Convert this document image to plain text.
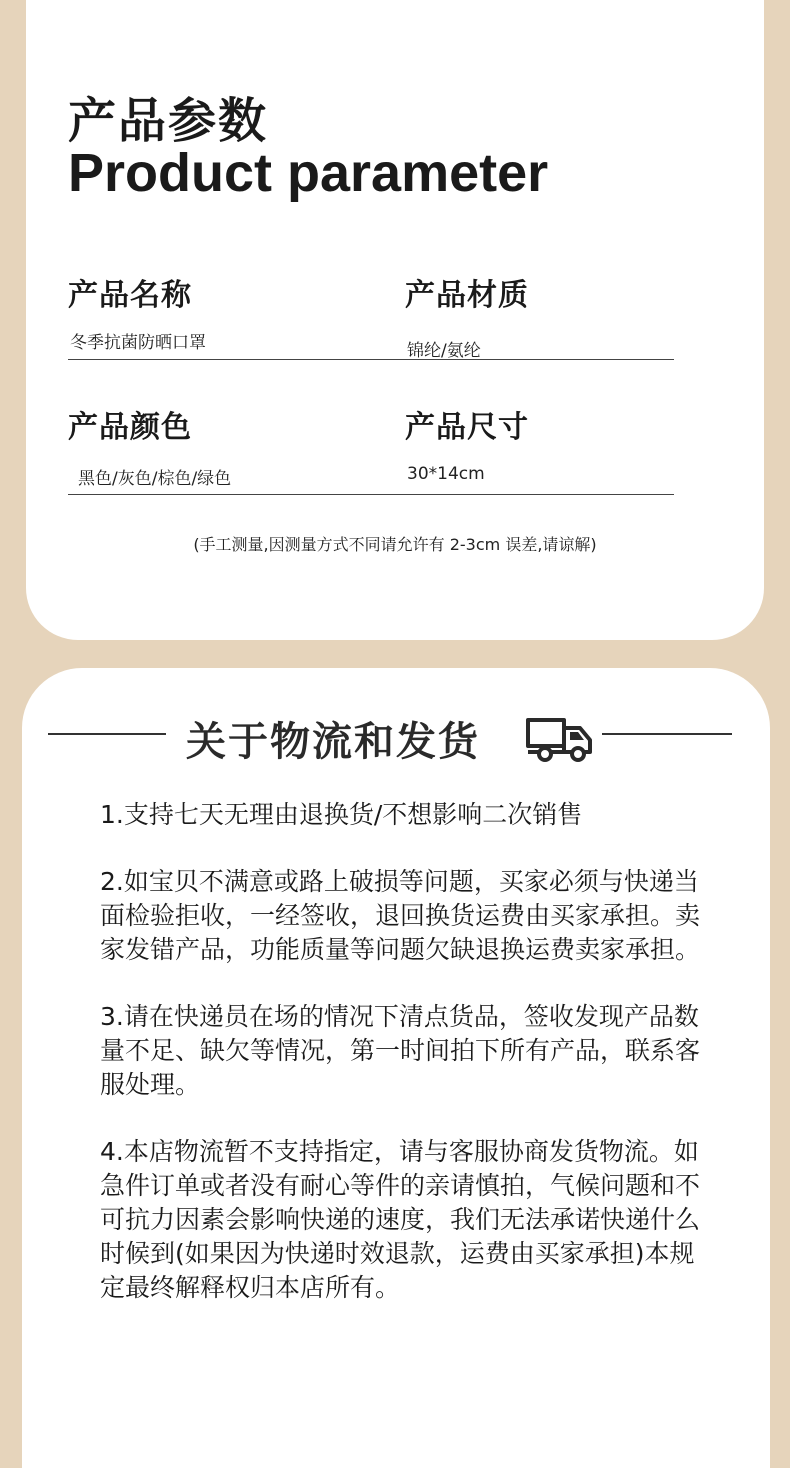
产品参数
Product parameter
产品名称
冬季抗菌防晒口罩
产品材质
锦纶/氨纶
产品颜色
黑色/灰色/棕色/绿色
产品尺寸
30*14cm
(手工测量,因测量方式不同请允许有 2-3cm 误差,请谅解)
关于物流和发货

1.支持七天无理由退换货/不想影响二次销售

2.如宝贝不满意或路上破损等问题，买家必须与快递当面检验拒收，一经签收，退回换货运费由买家承担。卖家发错产品，功能质量等问题欠缺退换运费卖家承担。

3.请在快递员在场的情况下清点货品，签收发现产品数量不足、缺欠等情况，第一时间拍下所有产品，联系客服处理。

4.本店物流暂不支持指定，请与客服协商发货物流。如急件订单或者没有耐心等件的亲请慎拍，气候问题和不可抗力因素会影响快递的速度，我们无法承诺快递什么时候到(如果因为快递时效退款，运费由买家承担)本规定最终解释权归本店所有。
